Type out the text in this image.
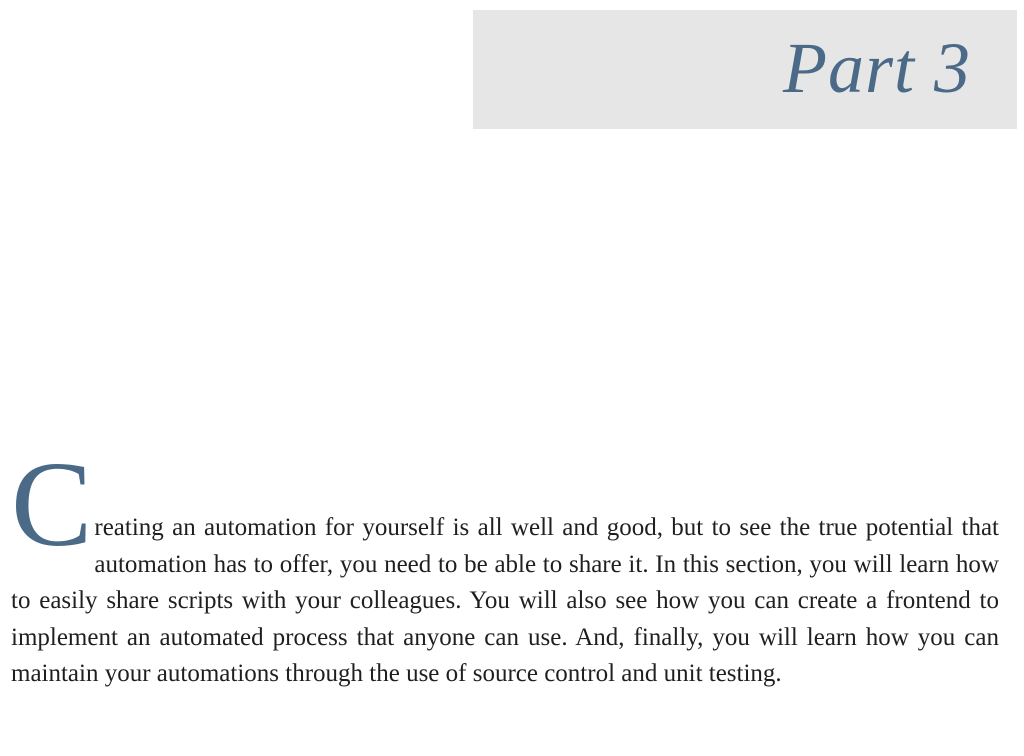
Part 3

Creating an automation for yourself is all well and good, but to see the true potential that automation has to offer, you need to be able to share it. In this section, you will learn how to easily share scripts with your colleagues. You will also see how you can create a frontend to implement an automated process that anyone can use. And, finally, you will learn how you can maintain your automations through the use of source control and unit testing.
